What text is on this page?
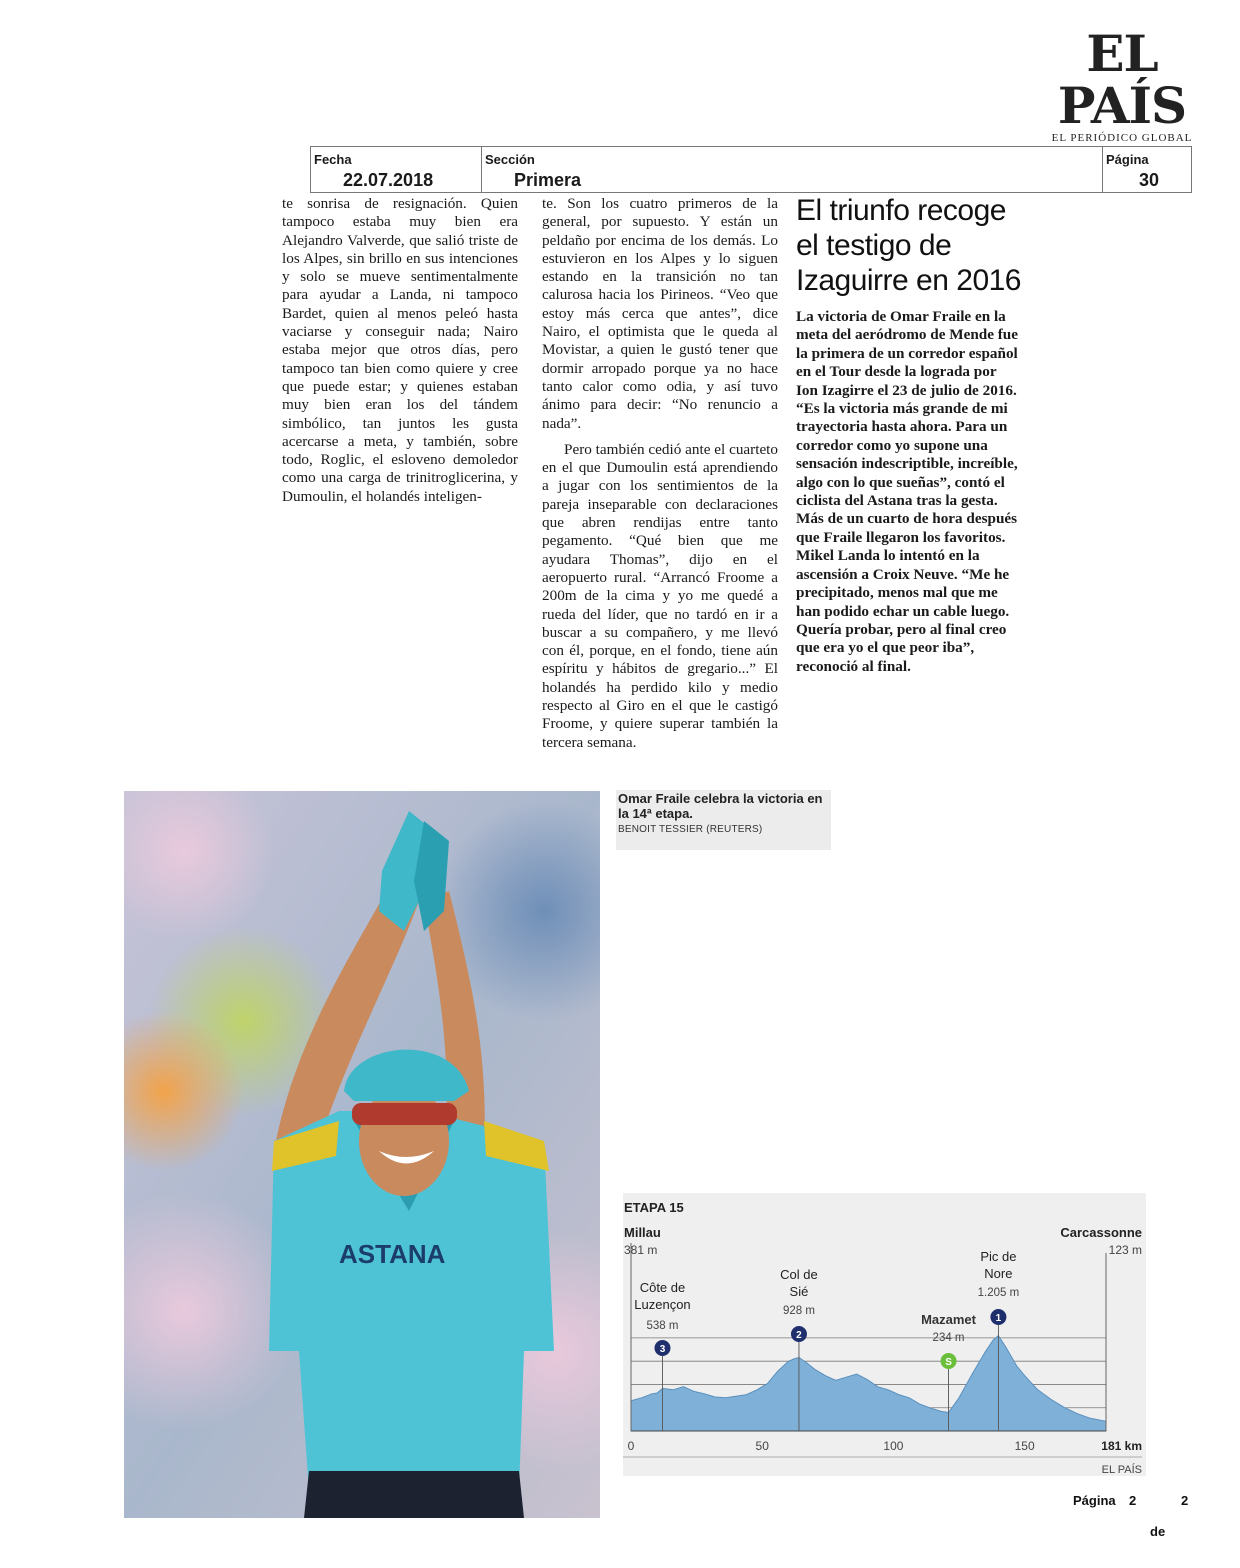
EL PAÍS
EL PERIÓDICO GLOBAL
Fecha
22.07.2018
Sección
Primera
Página
30

te sonrisa de resignación. Quien tampoco estaba muy bien era Alejandro Valverde, que salió triste de los Alpes, sin brillo en sus intenciones y solo se mueve sentimentalmente para ayudar a Landa, ni tampoco Bardet, quien al menos peleó hasta vaciarse y conseguir nada; Nairo estaba mejor que otros días, pero tampoco tan bien como quiere y cree que puede estar; y quienes estaban muy bien eran los del tándem simbólico, tan juntos les gusta acercarse a meta, y también, sobre todo, Roglic, el esloveno demoledor como una carga de trinitroglicerina, y Dumoulin, el holandés inteligen-

te. Son los cuatro primeros de la general, por supuesto. Y están un peldaño por encima de los demás. Lo estuvieron en los Alpes y lo siguen estando en la transición no tan calurosa hacia los Pirineos. “Veo que estoy más cerca que antes”, dice Nairo, el optimista que le queda al Movistar, a quien le gustó tener que dormir arropado porque ya no hace tanto calor como odia, y así tuvo ánimo para decir: “No renuncio a nada”.

Pero también cedió ante el cuarteto en el que Dumoulin está aprendiendo a jugar con los sentimientos de la pareja inseparable con declaraciones que abren rendijas entre tanto pegamento. “Qué bien que me ayudara Thomas”, dijo en el aeropuerto rural. “Arrancó Froome a 200m de la cima y yo me quedé a rueda del líder, que no tardó en ir a buscar a su compañero, y me llevó con él, porque, en el fondo, tiene aún espíritu y hábitos de gregario...” El holandés ha perdido kilo y medio respecto al Giro en el que le castigó Froome, y quiere superar también la tercera semana.

El triunfo recoge el testigo de Izaguirre en 2016
La victoria de Omar Fraile en la meta del aeródromo de Mende fue la primera de un corredor español en el Tour desde la lograda por Ion Izagirre el 23 de julio de 2016. “Es la victoria más grande de mi trayectoria hasta ahora. Para un corredor como yo supone una sensación indescriptible, increíble, algo con lo que sueñas”, contó el ciclista del Astana tras la gesta. Más de un cuarto de hora después que Fraile llegaron los favoritos. Mikel Landa lo intentó en la ascensión a Croix Neuve. “Me he precipitado, menos mal que me han podido echar un cable luego. Quería probar, pero al final creo que era yo el que peor iba”, reconoció al final.
ASTANA
Omar Fraile celebra la victoria en la 14ª etapa.
BENOIT TESSIER (REUTERS)
ETAPA 15
Millau
381 m
Carcassonne
123 m
3
Côte de
Luzençon
538 m
2
Col de
Sié
928 m
S
Mazamet
234 m
1
Pic de
Nore
1.205 m
0	50	100	150	181 km
EL PAÍS
Página 2	2
de
